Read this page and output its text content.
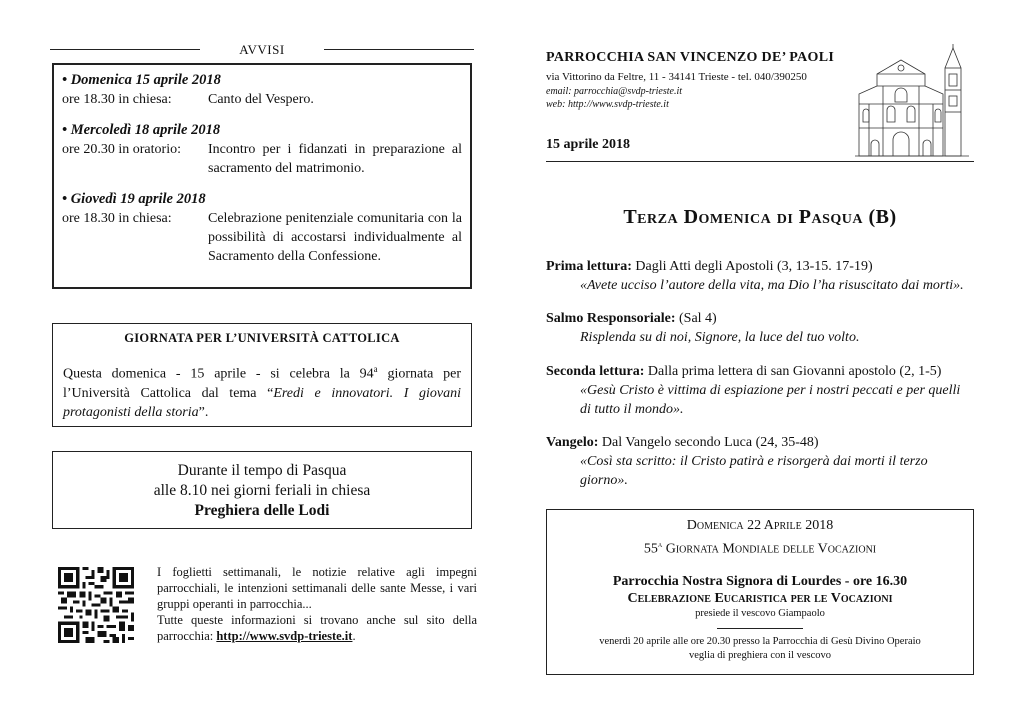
AVVISI
• Domenica 15 aprile 2018
ore 18.30 in chiesa:	Canto del Vespero.
• Mercoledì 18 aprile 2018
ore 20.30 in oratorio:	Incontro per i fidanzati in preparazione al sacramento del matrimonio.
• Giovedì 19 aprile 2018
ore 18.30 in chiesa:	Celebrazione penitenziale comunitaria con la possibilità di accostarsi individualmente al Sacramento della Confessione.
GIORNATA PER L’UNIVERSITÀ CATTOLICA
Questa domenica - 15 aprile - si celebra la 94$^a$ giornata per l’Università Cattolica dal tema “Eredi e innovatori. I giovani protagonisti della storia”.
Durante il tempo di Pasqua
alle 8.10 nei giorni feriali in chiesa
Preghiera delle Lodi
I foglietti settimanali, le notizie relative agli impegni parrocchiali, le intenzioni settimanali delle sante Messe, i vari gruppi operanti in parrocchia...
Tutte queste informazioni si trovano anche sul sito della parrocchia: http://www.svdp-trieste.it.
PARROCCHIA SAN VINCENZO DE’ PAOLI
via Vittorino da Feltre, 11 - 34141 Trieste - tel. 040/390250
email: parrocchia@svdp-trieste.it
web: http://www.svdp-trieste.it
15 aprile 2018
Terza Domenica di Pasqua (B)
Prima lettura: Dagli Atti degli Apostoli (3, 13-15. 17-19)
«Avete ucciso l’autore della vita, ma Dio l’ha risuscitato dai morti».
Salmo Responsoriale: (Sal 4)
Risplenda su di noi, Signore, la luce del tuo volto.
Seconda lettura: Dalla prima lettera di san Giovanni apostolo (2, 1-5)
«Gesù Cristo è vittima di espiazione per i nostri peccati e per quelli di tutto il mondo».
Vangelo: Dal Vangelo secondo Luca (24, 35-48)
«Così sta scritto: il Cristo patirà e risorgerà dai morti il terzo giorno».
Domenica 22 Aprile 2018
55$^a$ Giornata Mondiale delle Vocazioni
Parrocchia Nostra Signora di Lourdes - ore 16.30
Celebrazione Eucaristica per le Vocazioni
presiede il vescovo Giampaolo
venerdì 20 aprile alle ore 20.30 presso la Parrocchia di Gesù Divino Operaio
veglia di preghiera con il vescovo
